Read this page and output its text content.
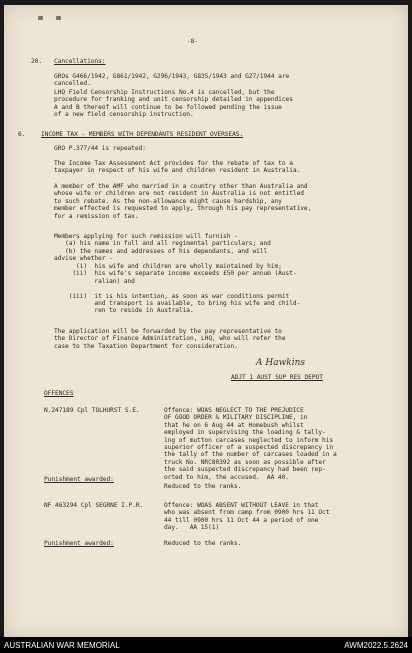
-8-
20. Cancellations:
GROs G466/1942, G861/1942, G296/1943, G835/1943 and G27/1944 are
cancelled.
LHQ Field Censorship Instructions No.4 is cancelled, but the
procedure for franking and unit censorship detailed in appendices
A and B thereof will continue to be followed pending the issue
of a new field censorship instruction.
6.	INCOME TAX - MEMBERS WITH DEPENDANTS RESIDENT OVERSEAS.
GRO P.377/44 is repeated:
The Income Tax Assessment Act provides for the rebate of tax to a
taxpayer in respect of his wife and children resident in Australia.
A member of the AMF who married in a country other than Australia and
whose wife or children are not resident in Australia is not entitled
to such rebate. As the non-allowance might cause hardship, any
member effected is requested to apply, through his pay representative,
for a remission of tax.
Members applying for such remission will furnish -
(a) his name in full and all regimental particulars; and
(b) the names and addresses of his dependants, and will
advise whether -
(i)  his wife and children are wholly maintained by him;
(ii)  his wife's separate income exceeds £50 per annum (Aust-
ralian) and
(iii)  it is his intention, as soon as war conditions permit
and transport is available, to bring his wife and child-
ren to reside in Australia.
The application will be forwarded by the pay representative to
the Director of Finance Administration, LHQ, who will refer the
case to the Taxation Department for consideration.
A Hawkins
ADJT 1 AUST SUP RES DEPOT
OFFENCES
N.247189 Cpl TOLHURST S.E.	Offence: WOAS NEGLECT TO THE PREJUDICE
OF GOOD ORDER & MILITARY DISCIPLINE, in
that he on 6 Aug 44 at Homebush whilst
employed in supervising the loading & tally-
ing of mutton carcases neglected to inform his
superior officer of a suspected discrepancy in
the tally of the number of carcases loaded in a
truck No. NRC80392 as soon as possible after
the said suspected discrepancy had been rep-
orted to him, the accused.  AA 40.
Punishment awarded:
Reduced to the ranks.
NF 463294 Cpl SEGRNE I.P.R.	Offence: WOAS ABSENT WITHOUT LEAVE in that
who was absent from camp from 0900 hrs 11 Oct
44 till 0900 hrs 11 Oct 44 a period of one
day.   AA 15(1)
Punishment awarded:	Reduced to the ranks.
AUSTRALIAN WAR MEMORIAL	AWM2022.5.2624
